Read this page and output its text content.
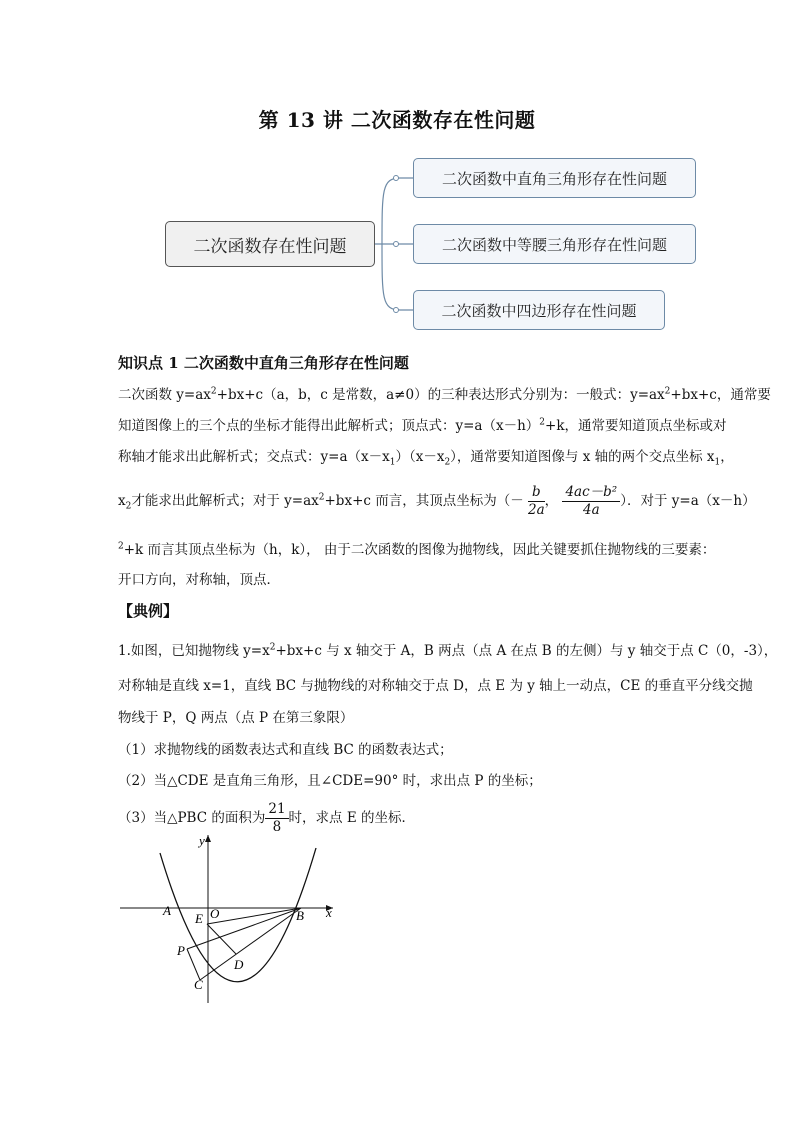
第 13 讲 二次函数存在性问题
二次函数存在性问题
二次函数中直角三角形存在性问题
二次函数中等腰三角形存在性问题
二次函数中四边形存在性问题
知识点 1 二次函数中直角三角形存在性问题
二次函数 $y=ax^2+bx+c(a$，b，c 是常数，a≠0）的三种表达形式分别为：一般式：$y=ax^2+bx+c$，通常要
知道图像上的三个点的坐标才能得出此解析式；顶点式：$y=a(x-h)^2+k$，通常要知道顶点坐标或对
称轴才能求出此解析式；交点式：$y=a(x-x_1)(x-x_2)$，通常要知道图像与 x 轴的两个交点坐标 $x_1$，
$x_2$才能求出此解析式；对于 $y=ax^2+bx+c$ 而言，其顶点坐标为（－ $\frac{b}{2a}$ ， $\frac{\text{4ac－b²}}{4a}$ ）．对于 y=a（x－h）
$^2$+k 而言其顶点坐标为（h，k）， 由于二次函数的图像为抛物线，因此关键要抓住抛物线的三要素：
开口方向，对称轴，顶点．
【典例】
1.如图，已知抛物线 $y=x^2+bx+c$ 与 x 轴交于 A，B 两点（点 A 在点 B 的左侧）与 y 轴交于点 C（0，-3），
对称轴是直线 x=1，直线 BC 与抛物线的对称轴交于点 D，点 E 为 y 轴上一动点，CE 的垂直平分线交抛
物线于 P，Q 两点（点 P 在第三象限）
（1）求抛物线的函数表达式和直线 BC 的函数表达式；
（2）当△CDE 是直角三角形，且∠CDE=90° 时，求出点 P 的坐标；
（3）当△PBC 的面积为 $\frac{21}{8}$ 时，求点 E 的坐标．
y
x
A	O
E	B
P
D
C
